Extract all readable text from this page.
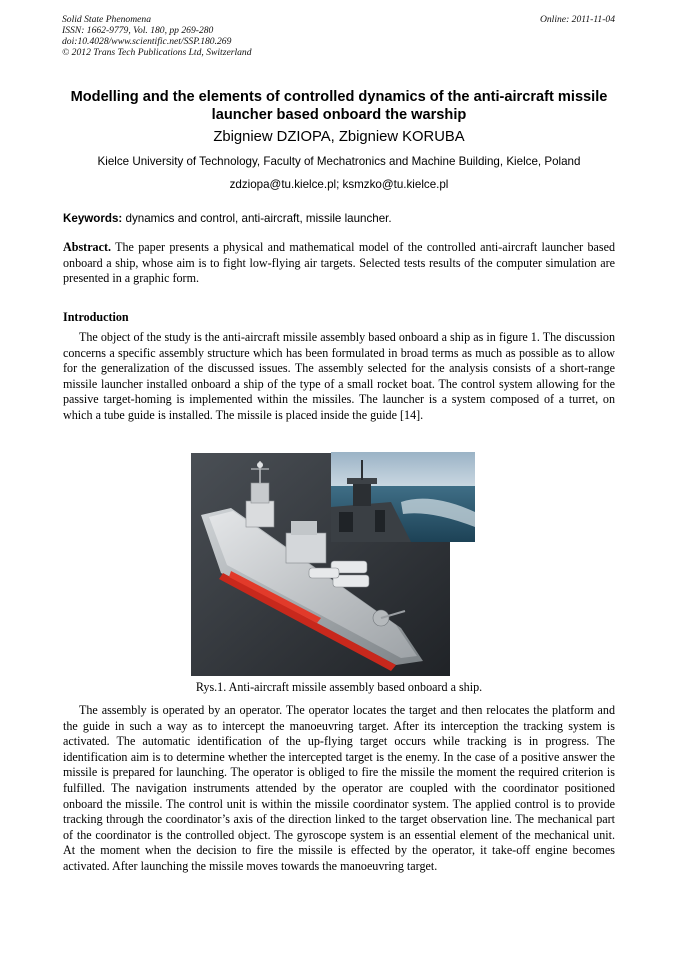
Solid State Phenomena
ISSN: 1662-9779, Vol. 180, pp 269-280
doi:10.4028/www.scientific.net/SSP.180.269
© 2012 Trans Tech Publications Ltd, Switzerland
Online: 2011-11-04
Modelling and the elements of controlled dynamics of the anti-aircraft missile launcher based onboard the warship
Zbigniew DZIOPA, Zbigniew KORUBA
Kielce University of Technology, Faculty of Mechatronics and Machine Building, Kielce, Poland
zdziopa@tu.kielce.pl; ksmzko@tu.kielce.pl
Keywords: dynamics and control, anti-aircraft, missile launcher.
Abstract. The paper presents a physical and mathematical model of the controlled anti-aircraft launcher based onboard a ship, whose aim is to fight low-flying air targets. Selected tests results of the computer simulation are presented in a graphic form.
Introduction
The object of the study is the anti-aircraft missile assembly based onboard a ship as in figure 1. The discussion concerns a specific assembly structure which has been formulated in broad terms as much as possible as to allow for the generalization of the discussed issues. The assembly selected for the analysis consists of a short-range missile launcher installed onboard a ship of the type of a small rocket boat. The control system allowing for the passive target-homing is implemented within the missiles. The launcher is a system composed of a turret, on which a tube guide is installed. The missile is placed inside the guide [14].
Rys.1. Anti-aircraft missile assembly based onboard a ship.
The assembly is operated by an operator. The operator locates the target and then relocates the platform and the guide in such a way as to intercept the manoeuvring target. After its interception the tracking system is activated. The automatic identification of the up-flying target occurs while tracking is in progress. The identification aim is to determine whether the intercepted target is the enemy. In the case of a positive answer the missile is prepared for launching. The operator is obliged to fire the missile the moment the required criterion is fulfilled. The navigation instruments attended by the operator are coupled with the coordinator positioned onboard the missile. The control unit is within the missile coordinator system. The applied control is to provide tracking through the coordinator’s axis of the direction linked to the target observation line. The mechanical part of the coordinator is the controlled object. The gyroscope system is an essential element of the mechanical unit. At the moment when the decision to fire the missile is effected by the operator, it take-off engine becomes activated. After launching the missile moves towards the manoeuvring target.
